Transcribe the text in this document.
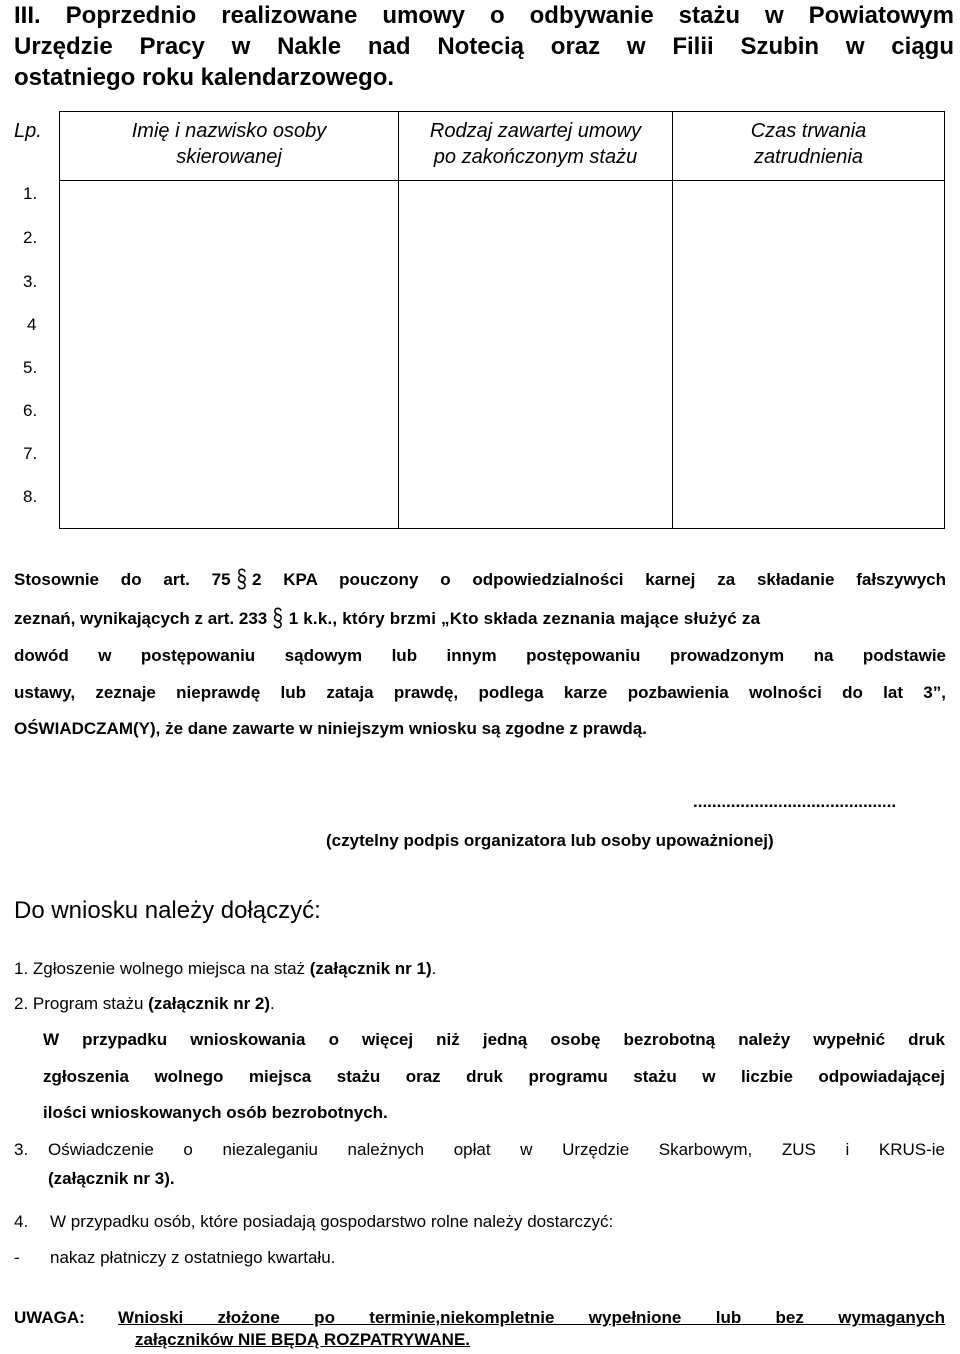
III. Poprzednio realizowane umowy o odbywanie stażu w Powiatowym
Urzędzie Pracy w Nakle nad Notecią oraz w Filii Szubin w ciągu
ostatniego roku kalendarzowego.
Lp.	Imię i nazwisko osoby
skierowanej
Rodzaj zawartej umowy
po zakończonym stażu
Czas trwania
zatrudnienia
1.
2.
3.
4
5.
6.
7.
8.
Stosownie do art. 75 § 2 KPA pouczony o odpowiedzialności karnej za składanie fałszywych
zeznań, wynikających z art. 233 § 1 k.k., który brzmi „Kto składa zeznania mające służyć za
dowód w postępowaniu sądowym lub innym postępowaniu prowadzonym na podstawie
ustawy, zeznaje nieprawdę lub zataja prawdę, podlega karze pozbawienia wolności do lat 3”,
OŚWIADCZAM(Y), że dane zawarte w niniejszym wniosku są zgodne z prawdą.
...........................................
(czytelny podpis organizatora lub osoby upoważnionej)
Do wniosku należy dołączyć:
1. Zgłoszenie wolnego miejsca na staż (załącznik nr 1).
2. Program stażu (załącznik nr 2).
W przypadku wnioskowania o więcej niż jedną osobę bezrobotną należy wypełnić druk
zgłoszenia wolnego miejsca stażu oraz druk programu stażu w liczbie odpowiadającej
ilości wnioskowanych osób bezrobotnych.
3. Oświadczenie o niezaleganiu należnych opłat w Urzędzie Skarbowym, ZUS i KRUS-ie
(załącznik nr 3).
4. W przypadku osób, które posiadają gospodarstwo rolne należy dostarczyć:
- nakaz płatniczy z ostatniego kwartału.
UWAGA: Wnioski złożone po terminie,niekompletnie wypełnione lub bez wymaganych
załączników NIE BĘDĄ ROZPATRYWANE.
